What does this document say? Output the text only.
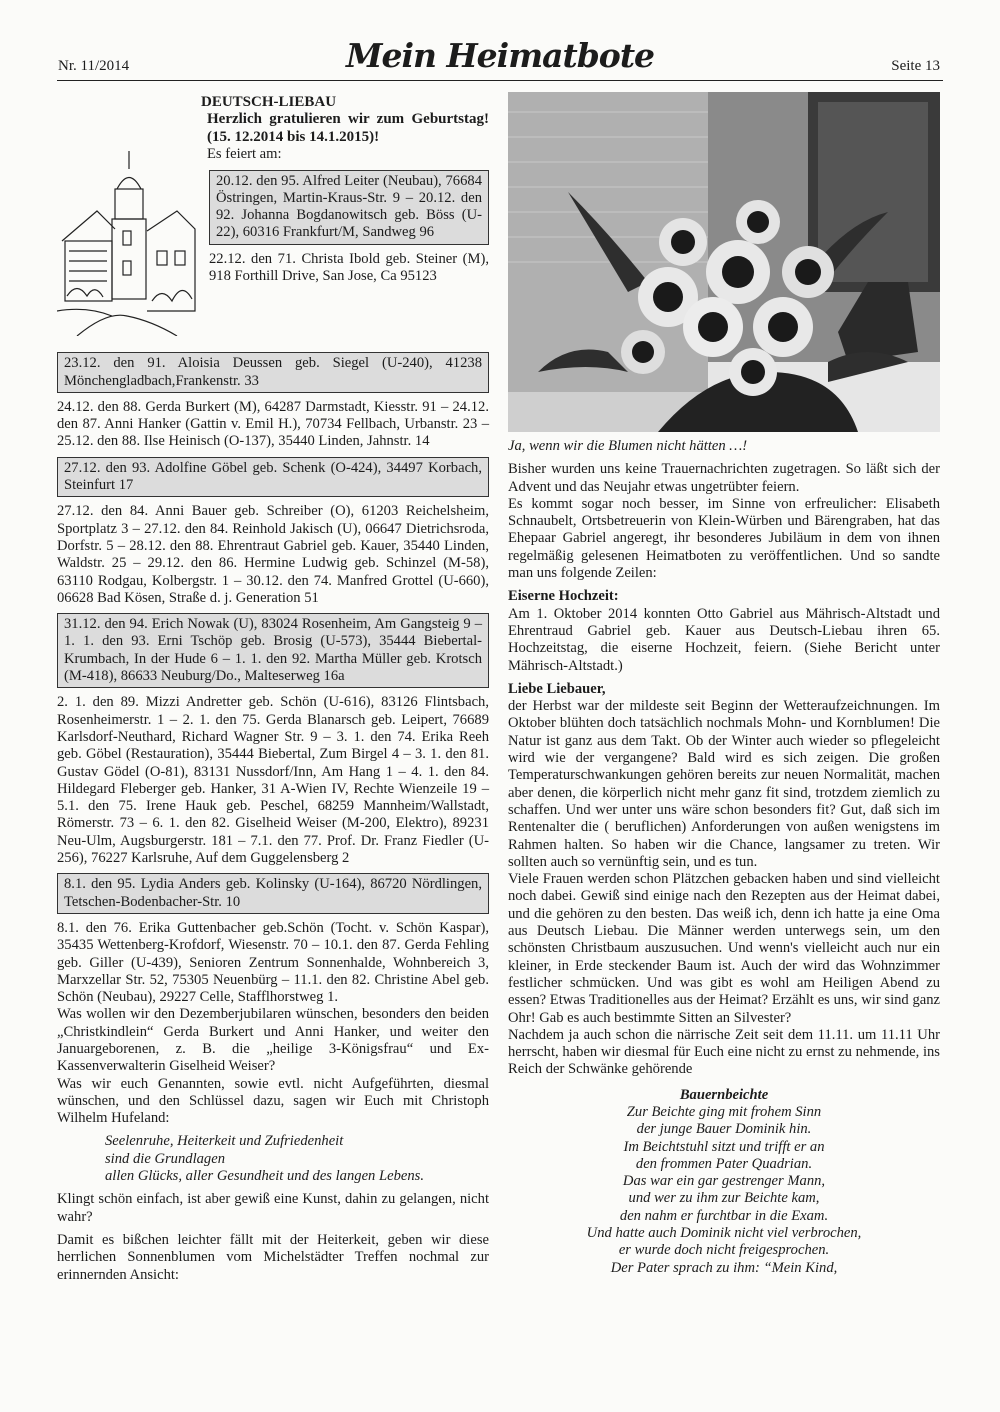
Nr. 11/2014	Mein Heimatbote	Seite 13
DEUTSCH-LIEBAU
Herzlich gratulieren wir zum Geburtstag! (15. 12.2014 bis 14.1.2015)!
Es feiert am:
20.12. den 95. Alfred Leiter (Neubau), 76684 Östringen, Martin-Kraus-Str. 9 – 20.12. den 92. Johanna Bogdanowitsch geb. Böss (U-22), 60316 Frankfurt/M, Sandweg 96
22.12. den 71. Christa Ibold geb. Steiner (M), 918 Forthill Drive, San Jose, Ca 95123
23.12. den 91. Aloisia Deussen geb. Siegel (U-240), 41238 Mönchengladbach,Frankenstr. 33

24.12. den 88. Gerda Burkert (M), 64287 Darmstadt, Kiesstr. 91 – 24.12. den 87. Anni Hanker (Gattin v. Emil H.), 70734 Fellbach, Urbanstr. 23 – 25.12. den 88. Ilse Heinisch (O-137), 35440 Linden, Jahnstr. 14

27.12. den 93. Adolfine Göbel geb. Schenk (O-424), 34497 Korbach, Steinfurt 17

27.12. den 84. Anni Bauer geb. Schreiber (O), 61203 Reichelsheim, Sportplatz 3 – 27.12. den 84. Reinhold Jakisch (U), 06647 Dietrichsroda, Dorfstr. 5 – 28.12. den 88. Ehrentraut Gabriel geb. Kauer, 35440 Linden, Waldstr. 25 – 29.12. den 86. Hermine Ludwig geb. Schinzel (M-58), 63110 Rodgau, Kolbergstr. 1 – 30.12. den 74. Manfred Grottel (U-660), 06628 Bad Kösen, Straße d. j. Generation 51

31.12. den 94. Erich Nowak (U), 83024 Rosenheim, Am Gangsteig 9 – 1. 1. den 93. Erni Tschöp geb. Brosig (U-573), 35444 Biebertal-Krumbach, In der Hude 6 – 1. 1. den 92. Martha Müller geb. Krotsch (M-418), 86633 Neuburg/Do., Malteserweg 16a

2. 1. den 89. Mizzi Andretter geb. Schön (U-616), 83126 Flintsbach, Rosenheimerstr. 1 – 2. 1. den 75. Gerda Blanarsch geb. Leipert, 76689 Karlsdorf-Neuthard, Richard Wagner Str. 9 – 3. 1. den 74. Erika Reeh geb. Göbel (Restauration), 35444 Biebertal, Zum Birgel 4 – 3. 1. den 81. Gustav Gödel (O-81), 83131 Nussdorf/Inn, Am Hang 1 – 4. 1. den 84. Hildegard Fleberger geb. Hanker, 31 A-Wien IV, Rechte Wienzeile 19 – 5.1. den 75. Irene Hauk geb. Peschel, 68259 Mannheim/Wallstadt, Römerstr. 73 – 6. 1. den 82. Giselheid Weiser (M-200, Elektro), 89231 Neu-Ulm, Augsburgerstr. 181 – 7.1. den 77. Prof. Dr. Franz Fiedler (U-256), 76227 Karlsruhe, Auf dem Guggelensberg 2

8.1. den 95. Lydia Anders geb. Kolinsky (U-164), 86720 Nördlingen, Tetschen-Bodenbacher-Str. 10

8.1. den 76. Erika Guttenbacher geb.Schön (Tocht. v. Schön Kaspar), 35435 Wettenberg-Krofdorf, Wiesenstr. 70 – 10.1. den 87. Gerda Fehling geb. Giller (U-439), Senioren Zentrum Sonnenhalde, Wohnbereich 3, Marxzellar Str. 52, 75305 Neuenbürg – 11.1. den 82. Christine Abel geb. Schön (Neubau), 29227 Celle, Stafflhorstweg 1.

Was wollen wir den Dezemberjubilaren wünschen, besonders den beiden „Christkindlein“ Gerda Burkert und Anni Hanker, und weiter den Januargeborenen, z. B. die „heilige 3-Königsfrau“ und Ex-Kassenverwalterin Giselheid Weiser?

Was wir euch Genannten, sowie evtl. nicht Aufgeführten, diesmal wünschen, und den Schlüssel dazu, sagen wir Euch mit Christoph Wilhelm Hufeland:

Seelenruhe, Heiterkeit und Zufriedenheit
sind die Grundlagen
allen Glücks, aller Gesundheit und des langen Lebens.

Klingt schön einfach, ist aber gewiß eine Kunst, dahin zu gelangen, nicht wahr?

Damit es bißchen leichter fällt mit der Heiterkeit, geben wir diese herrlichen Sonnenblumen vom Michelstädter Treffen nochmal zur erinnernden Ansicht:

Ja, wenn wir die Blumen nicht hätten …!

Bisher wurden uns keine Trauernachrichten zugetragen. So läßt sich der Advent und das Neujahr etwas ungetrübter feiern.

Es kommt sogar noch besser, im Sinne von erfreulicher: Elisabeth Schnaubelt, Ortsbetreuerin von Klein-Würben und Bärengraben, hat das Ehepaar Gabriel angeregt, ihr besonderes Jubiläum in dem von ihnen regelmäßig gelesenen Heimatboten zu veröffentlichen. Und so sandte man uns folgende Zeilen:

Eiserne Hochzeit:

Am 1. Oktober 2014 konnten Otto Gabriel aus Mährisch-Altstadt und Ehrentraud Gabriel geb. Kauer aus Deutsch-Liebau ihren 65. Hochzeitstag, die eiserne Hochzeit, feiern. (Siehe Bericht unter Mährisch-Altstadt.)

Liebe Liebauer,

der Herbst war der mildeste seit Beginn der Wetteraufzeichnungen. Im Oktober blühten doch tatsächlich nochmals Mohn- und Kornblumen! Die Natur ist ganz aus dem Takt. Ob der Winter auch wieder so pflegeleicht wird wie der vergangene? Bald wird es sich zeigen. Die großen Temperaturschwankungen gehören bereits zur neuen Normalität, machen aber denen, die körperlich nicht mehr ganz fit sind, trotzdem ziemlich zu schaffen. Und wer unter uns wäre schon besonders fit? Gut, daß sich im Rentenalter die ( beruflichen) Anforderungen von außen wenigstens im Rahmen halten. So haben wir die Chance, langsamer zu treten. Wir sollten auch so vernünftig sein, und es tun.

Viele Frauen werden schon Plätzchen gebacken haben und sind vielleicht noch dabei. Gewiß sind einige nach den Rezepten aus der Heimat dabei, und die gehören zu den besten. Das weiß ich, denn ich hatte ja eine Oma aus Deutsch Liebau. Die Männer werden unterwegs sein, um den schönsten Christbaum auszusuchen. Und wenn's vielleicht auch nur ein kleiner, in Erde steckender Baum ist. Auch der wird das Wohnzimmer festlicher schmücken. Und was gibt es wohl am Heiligen Abend zu essen? Etwas Traditionelles aus der Heimat? Erzählt es uns, wir sind ganz Ohr! Gab es auch bestimmte Sitten an Silvester?

Nachdem ja auch schon die närrische Zeit seit dem 11.11. um 11.11 Uhr herrscht, haben wir diesmal für Euch eine nicht zu ernst zu nehmende, ins Reich der Schwänke gehörende

Bauernbeichte
Zur Beichte ging mit frohem Sinn
der junge Bauer Dominik hin.
Im Beichtstuhl sitzt und trifft er an
den frommen Pater Quadrian.
Das war ein gar gestrenger Mann,
und wer zu ihm zur Beichte kam,
den nahm er furchtbar in die Exam.
Und hatte auch Dominik nicht viel verbrochen,
er wurde doch nicht freigesprochen.
Der Pater sprach zu ihm: “Mein Kind,
